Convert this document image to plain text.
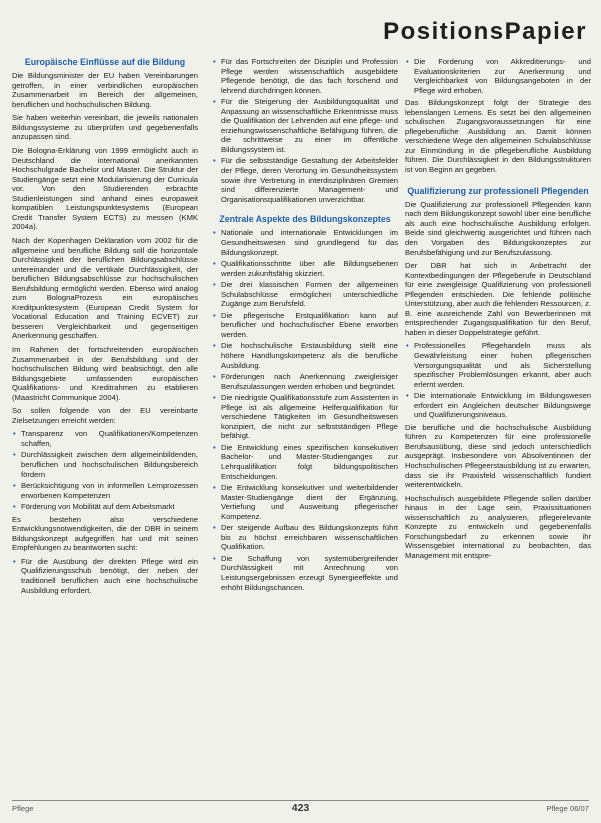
PositionsPapier
Europäische Einflüsse auf die Bildung

Die Bildungsminister der EU haben Vereinbarungen getroffen, in einer verbindlichen europäischen Zusammenarbeit im Bereich der allgemeinen, beruflichen und hochschulischen Bildung.

Sie haben weiterhin vereinbart, die jeweils nationalen Bildungssysteme zu überprüfen und gegebenenfalls anzupassen sind.

Die Bologna-Erklärung von 1999 ermöglicht auch in Deutschland die international anerkannten Hochschulgrade Bachelor und Master. Die Struktur der Studiengänge setzt eine Modularisierung der Curricula vor. Von den Studierenden erbrachte Studienleistungen sind anhand eines europaweit kompatiblen Leistungspunktesystems (European Credit Transfer System ECTS) zu messen (KMK 2004a).

Nach der Kopenhagen Deklaration vom 2002 für die allgemeine und berufliche Bildung soll die horizontale Durchlässigkeit der beruflichen Bildungsabschlüsse untereinander und die vertikale Durchlässigkeit, der beruflichen Bildungsabschlüsse zur hochschulischen Berufsbildung ermöglicht werden. Ebenso wird analog zum BolognaProzess ein europäisches Kreditpunktesystem (European Credit System for Vocational Education and Training ECVET) zur besseren Vergleichbarkeit und gegenseitigen Anerkennung geschaffen.

Im Rahmen der fortschreitenden europäischen Zusammenarbeit in der Berufsbildung und der hochschulischen Bildung wird beabsichtigt, den alle Bildungsgebiete umfassenden europäischen Qualifikations- und Kreditrahmen zu etablieren (Maastricht Communique 2004).

So sollen folgende von der EU vereinbarte Zielsetzungen erreicht werden:

• Transparenz von Qualifikationen/Kompetenzen schaffen,
• Durchlässigkeit zwischen dem allgemeinbildenden, beruflichen und hochschulischen Bildungsbereich fördern
• Berücksichtigung von in informellen Lernprozessen erworbenen Kompetenzen
• Förderung von Mobilität auf dem Arbeitsmarkt

Es bestehen also verschiedene Entwicklungsnotwendigkeiten, die der DBR in seinem Bildungskonzept aufgegriffen hat und mit seinen Empfehlungen zu beantworten sucht:

• Für die Ausübung der direkten Pflege wird ein Qualifizierungsschub benötigt, der neben der traditionell beruflichen auch eine hochschulische Ausbildung erfordert.
• Für das Fortschreiten der Disziplin und Profession Pflege werden wissenschaftlich ausgebildete Pflegende benötigt, die das fach forschend und lehrend durchdringen können.
• Für die Steigerung der Ausbildungsqualität und Anpassung an wissenschaftliche Erkenntnisse muss die Qualifikation der Lehrenden auf eine pflege- und erziehungswissenschaftliche Befähigung führen, die die schrittweise zu einer im öffentliche Bildungssystem ist.
• Für die selbstständige Gestaltung der Arbeitsfelder der Pflege, deren Verortung im Gesundheitssystem sowie ihre Vertretung in interdisziplinären Gremien sind differenzierte Management- und Organisationsqualifikationen unverzichtbar.
Zentrale Aspekte des Bildungskonzeptes
• Nationale und internationale Entwicklungen im Gesundheitswesen sind grundlegend für das Bildungskonzept.
• Qualifikationsschritte über alle Bildungsebenen werden zukunftsfähig skizziert.
• Die drei klassischen Formen der allgemeinen Schulabschlüsse ermöglichen unterschiedliche Zugänge zum Berufsfeld.
• Die pflegerische Erstqualifikation kann auf beruflicher und hochschulischer Ebene erworben werden.
• Die hochschulische Erstausbildung stellt eine höhere Handlungskompetenz als die berufliche Ausbildung.
• Förderungen nach Anerkennung zweigleisiger Berufszulassungen werden erhoben und begründet.
• Die niedrigste Qualifikationsstufe zum Assistenten in Pflege ist als allgemeine Helferqualifikation für verschiedene Tätigkeiten im Gesundheitswesen konzipiert, die nicht zur selbstständigen Pflege befähigt.
• Die Entwicklung eines spezifischen konsekutiven Bachelor- und Master-Studienganges zur Lehrqualifikation folgt bildungspolitischen Entscheidungen.
• Die Entwicklung konsekutiver und weiterbildender Master-Studiengänge dient der Ergänzung, Vertiefung und Ausweitung pflegerischer Kompetenz.
• Der steigende Aufbau des Bildungskonzepts führt bis zu höchst erreichbaren wissenschaftlichen Qualifikation.
• Die Schaffung von systemübergreifender Durchlässigkeit mit Anrechnung von Leistungsergebnissen erzeugt Synergieeffekte und erhöht Bildungschancen.
• Die Forderung von Akkreditierungs- und Evaluationskriterien zur Anerkennung und Vergleichbarkeit von Bildungsangeboten in der Pflege wird erhoben.

Das Bildungskonzept folgt der Strategie des lebenslangen Lernens. Es setzt bei den allgemeinen schulischen Zugangsvoraussetzungen für eine pflegeberufliche Ausbildung an. Damit können verschiedene Wege den allgemeinen Schulabschlüsse zur Einmündung in die pflegeberufliche Ausbildung führen. Die Durchlässigkeit in den Bildungsstrukturen ist von Beginn an gegeben.

Qualifizierung zur professionell Pflegenden

Die Qualifizierung zur professionell Pflegenden kann nach dem Bildungskonzept sowohl über eine berufliche als auch eine hochschulische Ausbildung erfolgen. Beide sind gleichwertig ausgerichtet und führen nach den Vorgaben des Bildungskonzeptes zur Berufsbefähigung und zur Berufszulassung.

Der DBR hat sich in Anbetracht der Kontextbedingungen der Pflegeberufe in Deutschland für eine zweigleisige Qualifizierung von professionell Pflegenden entschieden. Die fehlende politische Unterstützung, aber auch die fehlenden Ressourcen, z. B. eine ausreichende Zahl von Bewerberinnen mit entsprechender Zugangsqualifikation für den Beruf, haben in dieser Doppelstrategie geführt.

• Professionelles Pflegehandeln muss als Gewährleistung einer hohen pflegerischen Versorgungsqualität und als Sicherstellung spezifischer Problemlösungen erkannt, aber auch erlernt werden.
• Die internationale Entwicklung im Bildungswesen erfordert ein Angleichen deutscher Bildungswege und Qualifizierungsniveaus.

Die berufliche und die hochschulische Ausbildung führen zu Kompetenzen für eine professionelle Berufsausübung, diese sind jedoch unterschiedlich ausgeprägt. Insbesondere von Absolventinnen der Hochschulischen Pflegeerstausbildung ist zu erwarten, dass sie ihr Praxisfeld wissenschaftlich fundiert weiterentwickeln.

Hochschulisch ausgebildete Pflegende sollen darüber hinaus in der Lage sein, Praxissituationen wissenschaftlich zu analysieren, pflegerelevante Konzepte zu entwickeln und gegebenenfalls Forschungsbedarf zu erkennen sowie ihr Wissensgebiet international zu beobachten, das Management mit entspre-

Pflege	423	Pflege 06/07
